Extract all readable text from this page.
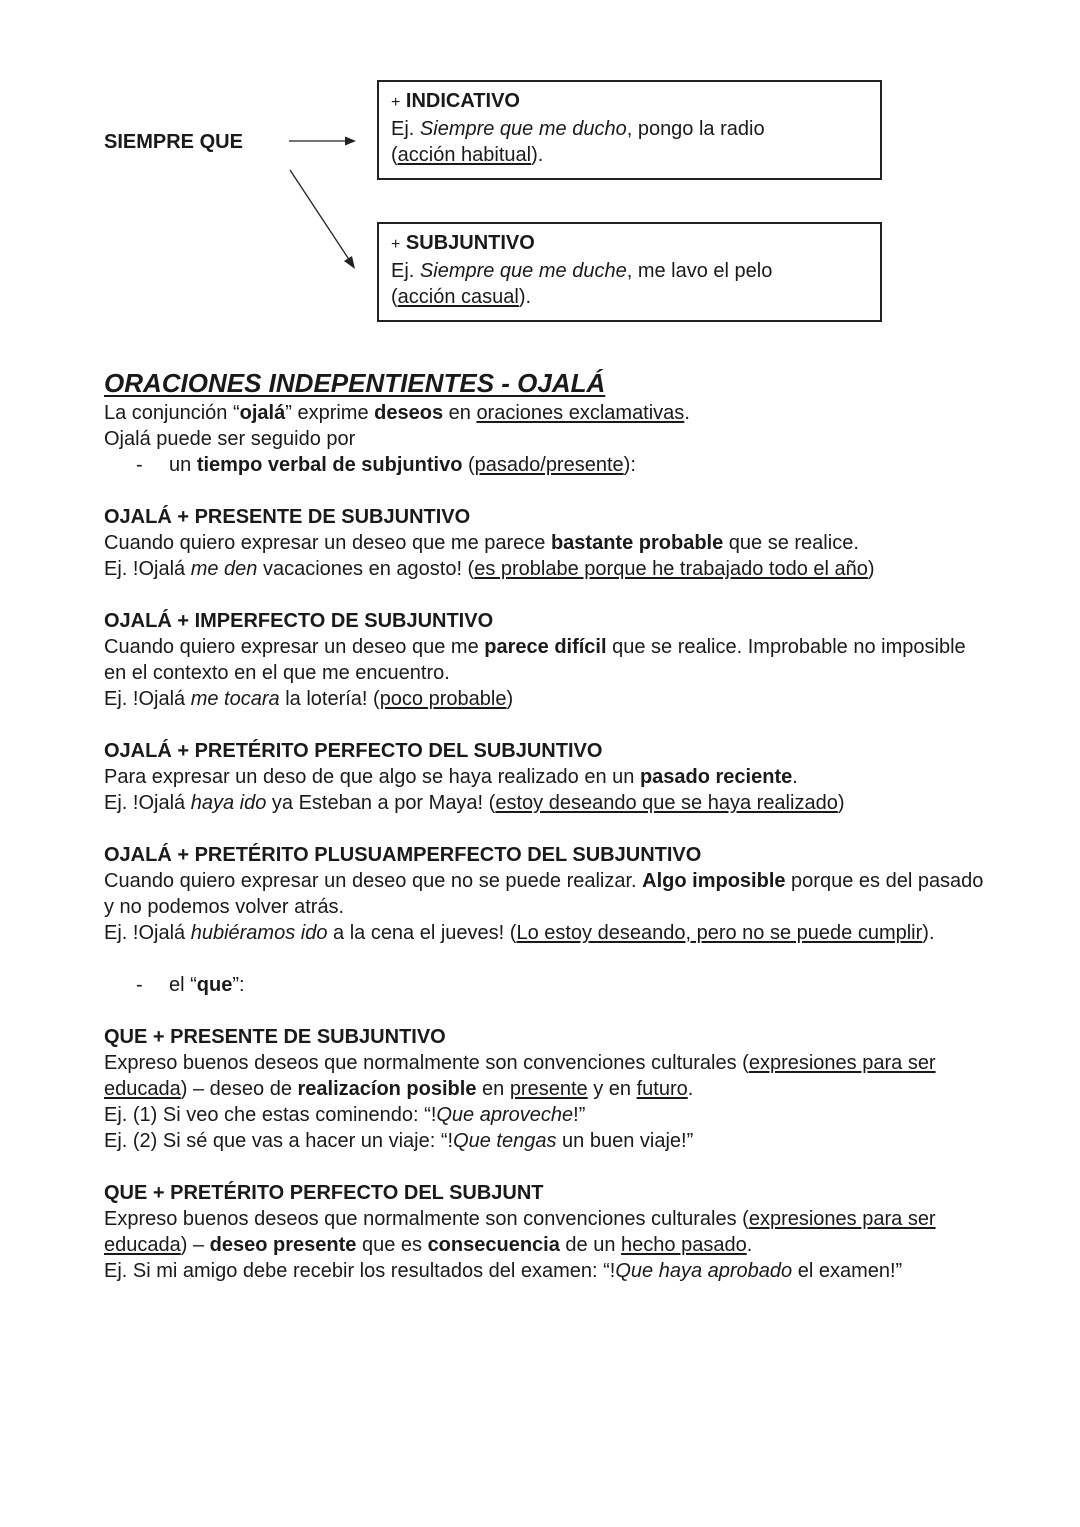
SIEMPRE QUE
+ INDICATIVO
Ej. Siempre que me ducho, pongo la radio
(acción habitual).
+ SUBJUNTIVO
Ej. Siempre que me duche, me lavo el pelo
(acción casual).
ORACIONES INDEPENTIENTES - OJALÁ

La conjunción “ojalá” exprime deseos en oraciones exclamativas.

Ojalá puede ser seguido por

- un tiempo verbal de subjuntivo (pasado/presente):

OJALÁ + PRESENTE DE SUBJUNTIVO

Cuando quiero expresar un deseo que me parece bastante probable que se realice.

Ej. !Ojalá me den vacaciones en agosto! (es problabe porque he trabajado todo el año)

OJALÁ + IMPERFECTO DE SUBJUNTIVO

Cuando quiero expresar un deseo que me parece difícil que se realice. Improbable no imposible en el contexto en el que me encuentro.

Ej. !Ojalá me tocara la lotería! (poco probable)

OJALÁ + PRETÉRITO PERFECTO DEL SUBJUNTIVO

Para expresar un deso de que algo se haya realizado en un pasado reciente.

Ej. !Ojalá haya ido ya Esteban a por Maya! (estoy deseando que se haya realizado)

OJALÁ + PRETÉRITO PLUSUAMPERFECTO DEL SUBJUNTIVO

Cuando quiero expresar un deseo que no se puede realizar. Algo imposible porque es del pasado y no podemos volver atrás.

Ej. !Ojalá hubiéramos ido a la cena el jueves! (Lo estoy deseando, pero no se puede cumplir).

- el “que”:

QUE + PRESENTE DE SUBJUNTIVO

Expreso buenos deseos que normalmente son convenciones culturales (expresiones para ser educada) – deseo de realizacíon posible en presente y en futuro.

Ej. (1) Si veo che estas cominendo: “!Que aproveche!”

Ej. (2) Si sé que vas a hacer un viaje: “!Que tengas un buen viaje!”

QUE + PRETÉRITO PERFECTO DEL SUBJUNT

Expreso buenos deseos que normalmente son convenciones culturales (expresiones para ser educada) – deseo presente que es consecuencia de un hecho pasado.

Ej. Si mi amigo debe recebir los resultados del examen: “!Que haya aprobado el examen!”
